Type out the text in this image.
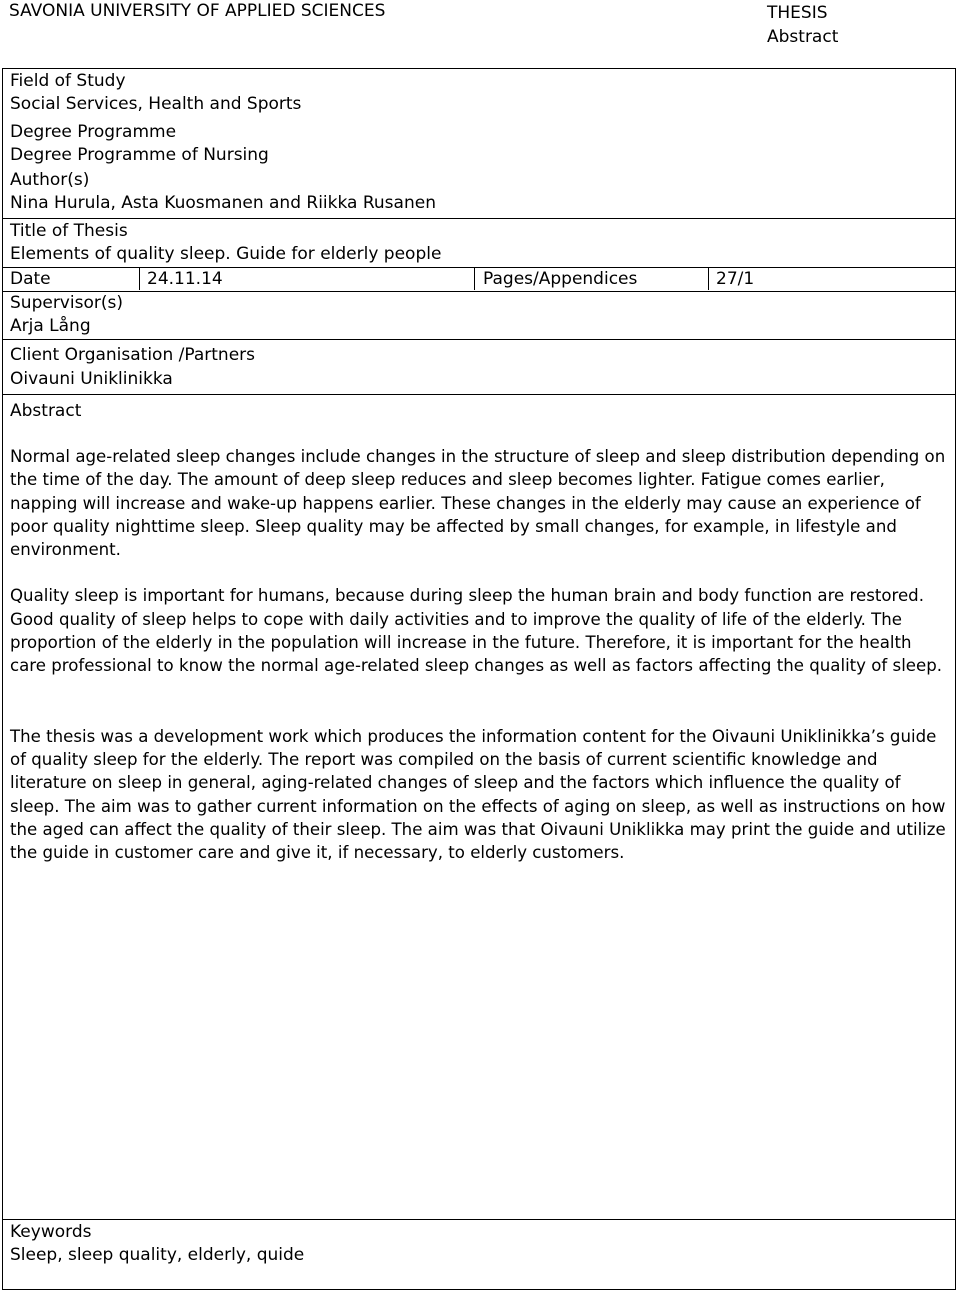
SAVONIA UNIVERSITY OF APPLIED SCIENCES	THESIS
Abstract
Field of Study
Social Services, Health and Sports
Degree Programme
Degree Programme of Nursing
Author(s)
Nina Hurula, Asta Kuosmanen and Riikka Rusanen
Title of Thesis
Elements of quality sleep. Guide for elderly people
Date	24.11.14	Pages/Appendices	27/1
Supervisor(s)
Arja Lång
Client Organisation /Partners
Oivauni Uniklinikka
Abstract

Normal age-related sleep changes include changes in the structure of sleep and sleep distribution depending on the time of the day. The amount of deep sleep reduces and sleep becomes lighter. Fatigue comes earlier, napping will increase and wake-up happens earlier. These changes in the elderly may cause an experience of poor quality nighttime sleep. Sleep quality may be affected by small changes, for example, in lifestyle and environment.

Quality sleep is important for humans, because during sleep the human brain and body function are restored. Good quality of sleep helps to cope with daily activities and to improve the quality of life of the elderly. The proportion of the elderly in the population will increase in the future. Therefore, it is important for the health care professional to know the normal age-related sleep changes as well as factors affecting the quality of sleep.

The thesis was a development work which produces the information content for the Oivauni Uniklinikka’s guide of quality sleep for the elderly. The report was compiled on the basis of current scientific knowledge and literature on sleep in general, aging-related changes of sleep and the factors which influence the quality of sleep. The aim was to gather current information on the effects of aging on sleep, as well as instructions on how the aged can affect the quality of their sleep. The aim was that Oivauni Uniklikka may print the guide and utilize the guide in customer care and give it, if necessary, to elderly customers.

Keywords
Sleep, sleep quality, elderly, quide
